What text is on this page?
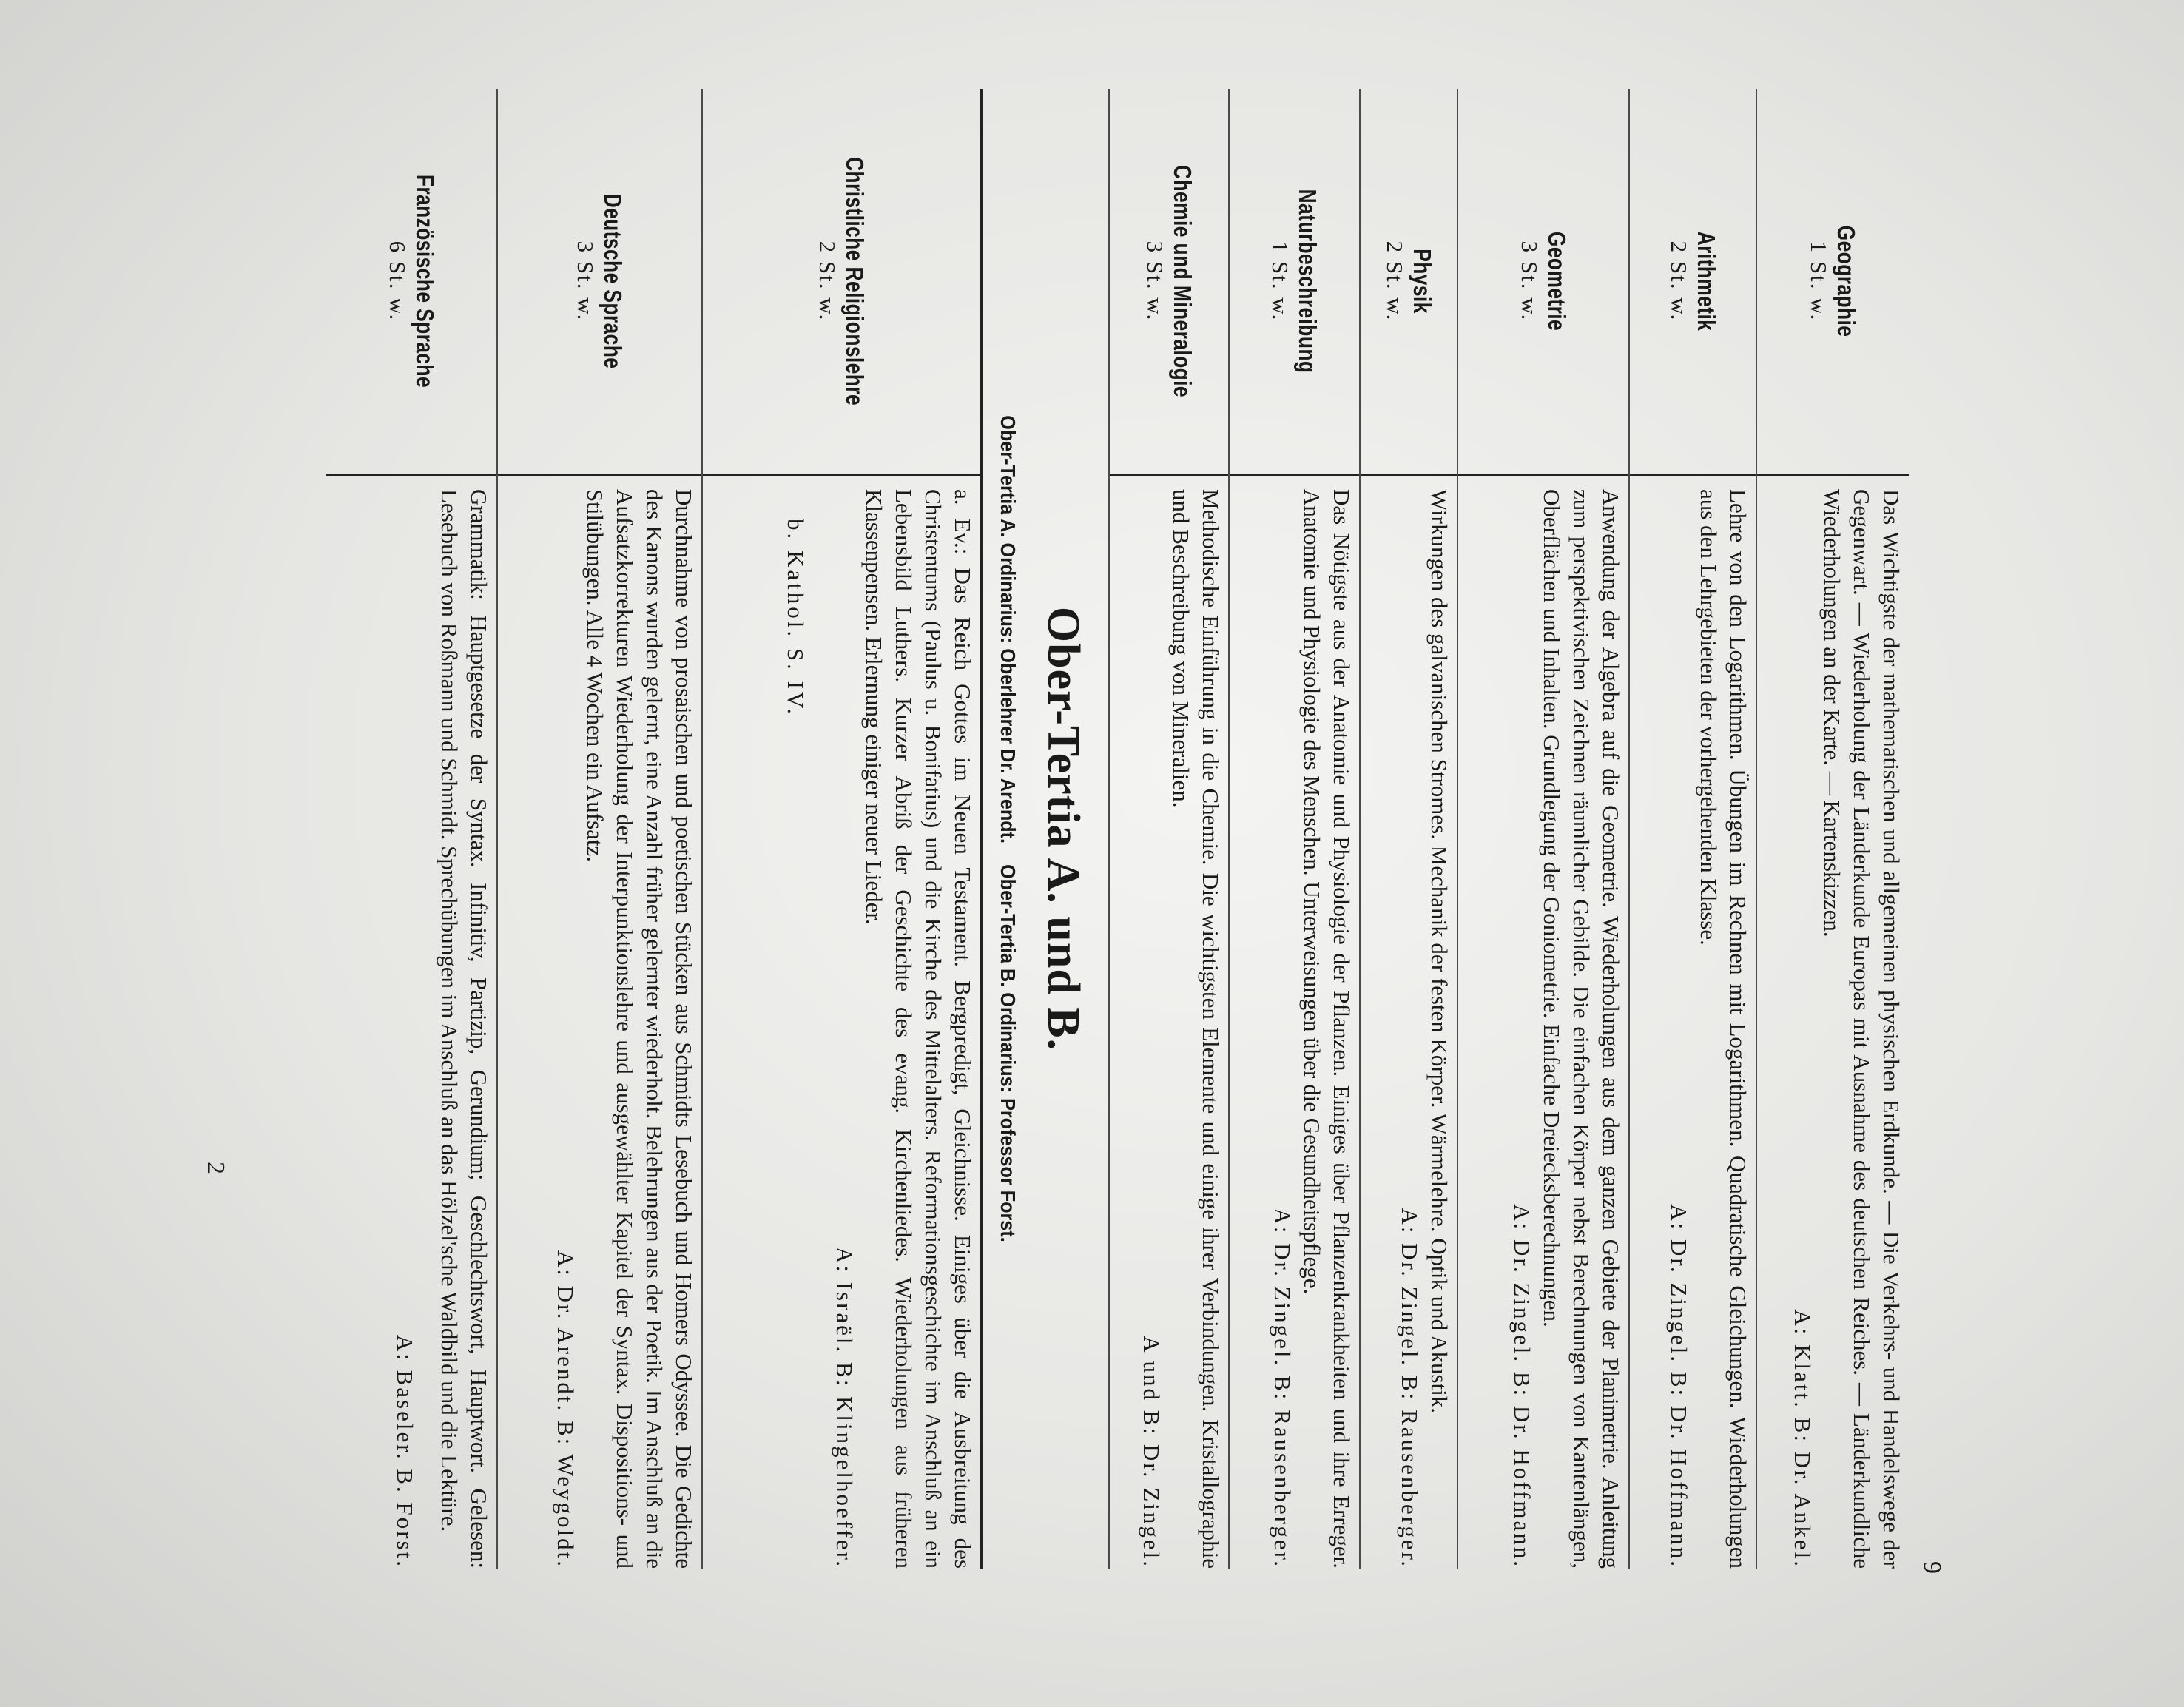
9
Geographie
1 St. w.
Das Wichtigste der mathematischen und allgemeinen physischen Erdkunde. — Die Verkehrs- und Handelswege der Gegenwart. — Wiederholung der Länderkunde Europas mit Ausnahme des deutschen Reiches. — Länderkundliche Wiederholungen an der Karte. — Kartenskizzen.
A: Klatt. B: Dr. Ankel.
Arithmetik
2 St. w.
Lehre von den Logarithmen. Übungen im Rechnen mit Logarithmen. Quadratische Gleichungen. Wiederholungen aus den Lehrgebieten der vorhergehenden Klasse.
A: Dr. Zingel. B: Dr. Hoffmann.
Geometrie
3 St. w.
Anwendung der Algebra auf die Geometrie. Wiederholungen aus dem ganzen Gebiete der Planimetrie. Anleitung zum perspektivischen Zeichnen räumlicher Gebilde. Die einfachen Körper nebst Berechnungen von Kantenlängen, Oberflächen und Inhalten. Grundlegung der Goniometrie. Einfache Dreiecksberechnungen.
A: Dr. Zingel. B: Dr. Hoffmann.
Physik
2 St. w.
Wirkungen des galvanischen Stromes. Mechanik der festen Körper. Wärmelehre. Optik und Akustik.
A: Dr. Zingel. B: Rausenberger.
Naturbeschreibung
1 St. w.
Das Nötigste aus der Anatomie und Physiologie der Pflanzen. Einiges über Pflanzenkrankheiten und ihre Erreger. Anatomie und Physiologie des Menschen. Unterweisungen über die Gesundheitspflege.
A: Dr. Zingel. B: Rausenberger.
Chemie und Mineralogie
3 St. w.
Methodische Einführung in die Chemie. Die wichtigsten Elemente und einige ihrer Verbindungen. Kristallographie und Beschreibung von Mineralien.
A und B: Dr. Zingel.
Ober-Tertia A. und B.
Ober-Tertia A. Ordinarius: Oberlehrer Dr. Arendt.    Ober-Tertia B. Ordinarius: Professor Forst.
Christliche Religionslehre
2 St. w.
a. Ev.: Das Reich Gottes im Neuen Testament. Bergpredigt, Gleichnisse. Einiges über die Ausbreitung des Christentums (Paulus u. Bonifatius) und die Kirche des Mittelalters. Reformationsgeschichte im Anschluß an ein Lebensbild Luthers. Kurzer Abriß der Geschichte des evang. Kirchenliedes. Wiederholungen aus früheren Klassenpensen. Erlernung einiger neuer Lieder.
A: Israël. B: Klingelhoeffer.
b. Kathol. S. IV.
Deutsche Sprache
3 St. w.
Durchnahme von prosaischen und poetischen Stücken aus Schmidts Lesebuch und Homers Odyssee. Die Gedichte des Kanons wurden gelernt, eine Anzahl früher gelernter wiederholt. Belehrungen aus der Poetik. Im Anschluß an die Aufsatzkorrekturen Wiederholung der Interpunktionslehre und ausgewählter Kapitel der Syntax. Dispositions- und Stilübungen. Alle 4 Wochen ein Aufsatz.
A: Dr. Arendt. B: Weygoldt.
Französische Sprache
6 St. w.
Grammatik: Hauptgesetze der Syntax. Infinitiv, Partizip, Gerundium; Geschlechtswort, Hauptwort. Gelesen: Lesebuch von Roßmann und Schmidt. Sprechübungen im Anschluß an das Hölzel'sche Waldbild und die Lektüre.
A: Baseler. B. Forst.
2
